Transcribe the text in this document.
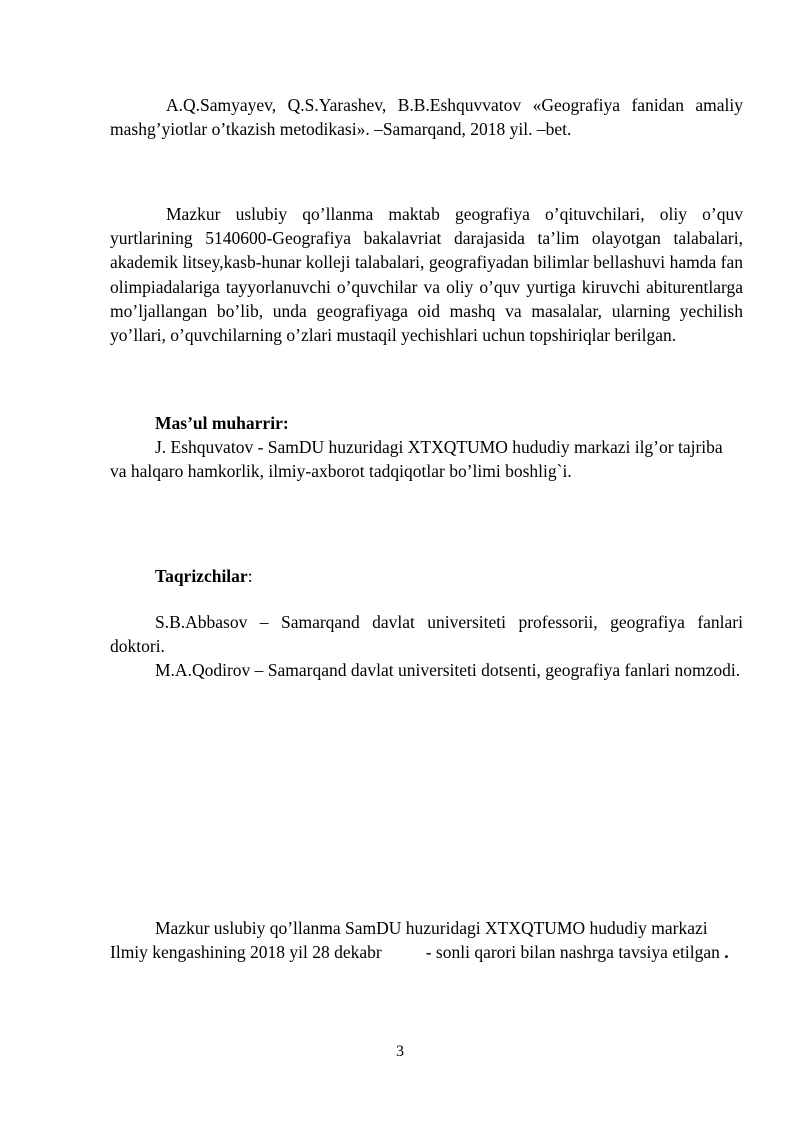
A.Q.Samyayev, Q.S.Yarashev, B.B.Eshquvvatov «Geografiya fanidan amaliy mashg’yiotlar o’tkazish metodikasi». –Samarqand, 2018 yil. –bet.

Mazkur uslubiy qo’llanma maktab geografiya o’qituvchilari, oliy o’quv yurtlarining 5140600-Geografiya bakalavriat darajasida ta’lim olayotgan talabalari, akademik litsey,kasb-hunar kolleji talabalari, geografiyadan bilimlar bellashuvi hamda fan olimpiadalariga tayyorlanuvchi o’quvchilar va oliy o’quv yurtiga kiruvchi abiturentlarga mo’ljallangan bo’lib, unda geografiyaga oid mashq va masalalar, ularning yechilish yo’llari, o’quvchilarning o’zlari mustaqil yechishlari uchun topshiriqlar berilgan.

Mas’ul muharrir:

J. Eshquvatov - SamDU huzuridagi XTXQTUMO hududiy markazi ilg’or tajriba va halqaro hamkorlik, ilmiy-axborot tadqiqotlar bo’limi boshlig`i.

Taqrizchilar:

S.B.Abbasov – Samarqand davlat universiteti professorii, geografiya fanlari doktori.

M.A.Qodirov – Samarqand davlat universiteti dotsenti, geografiya fanlari nomzodi.

Mazkur uslubiy qo’llanma SamDU huzuridagi XTXQTUMO hududiy markazi Ilmiy kengashining 2018 yil 28 dekabr	- sonli qarori bilan nashrga tavsiya etilgan .

3
